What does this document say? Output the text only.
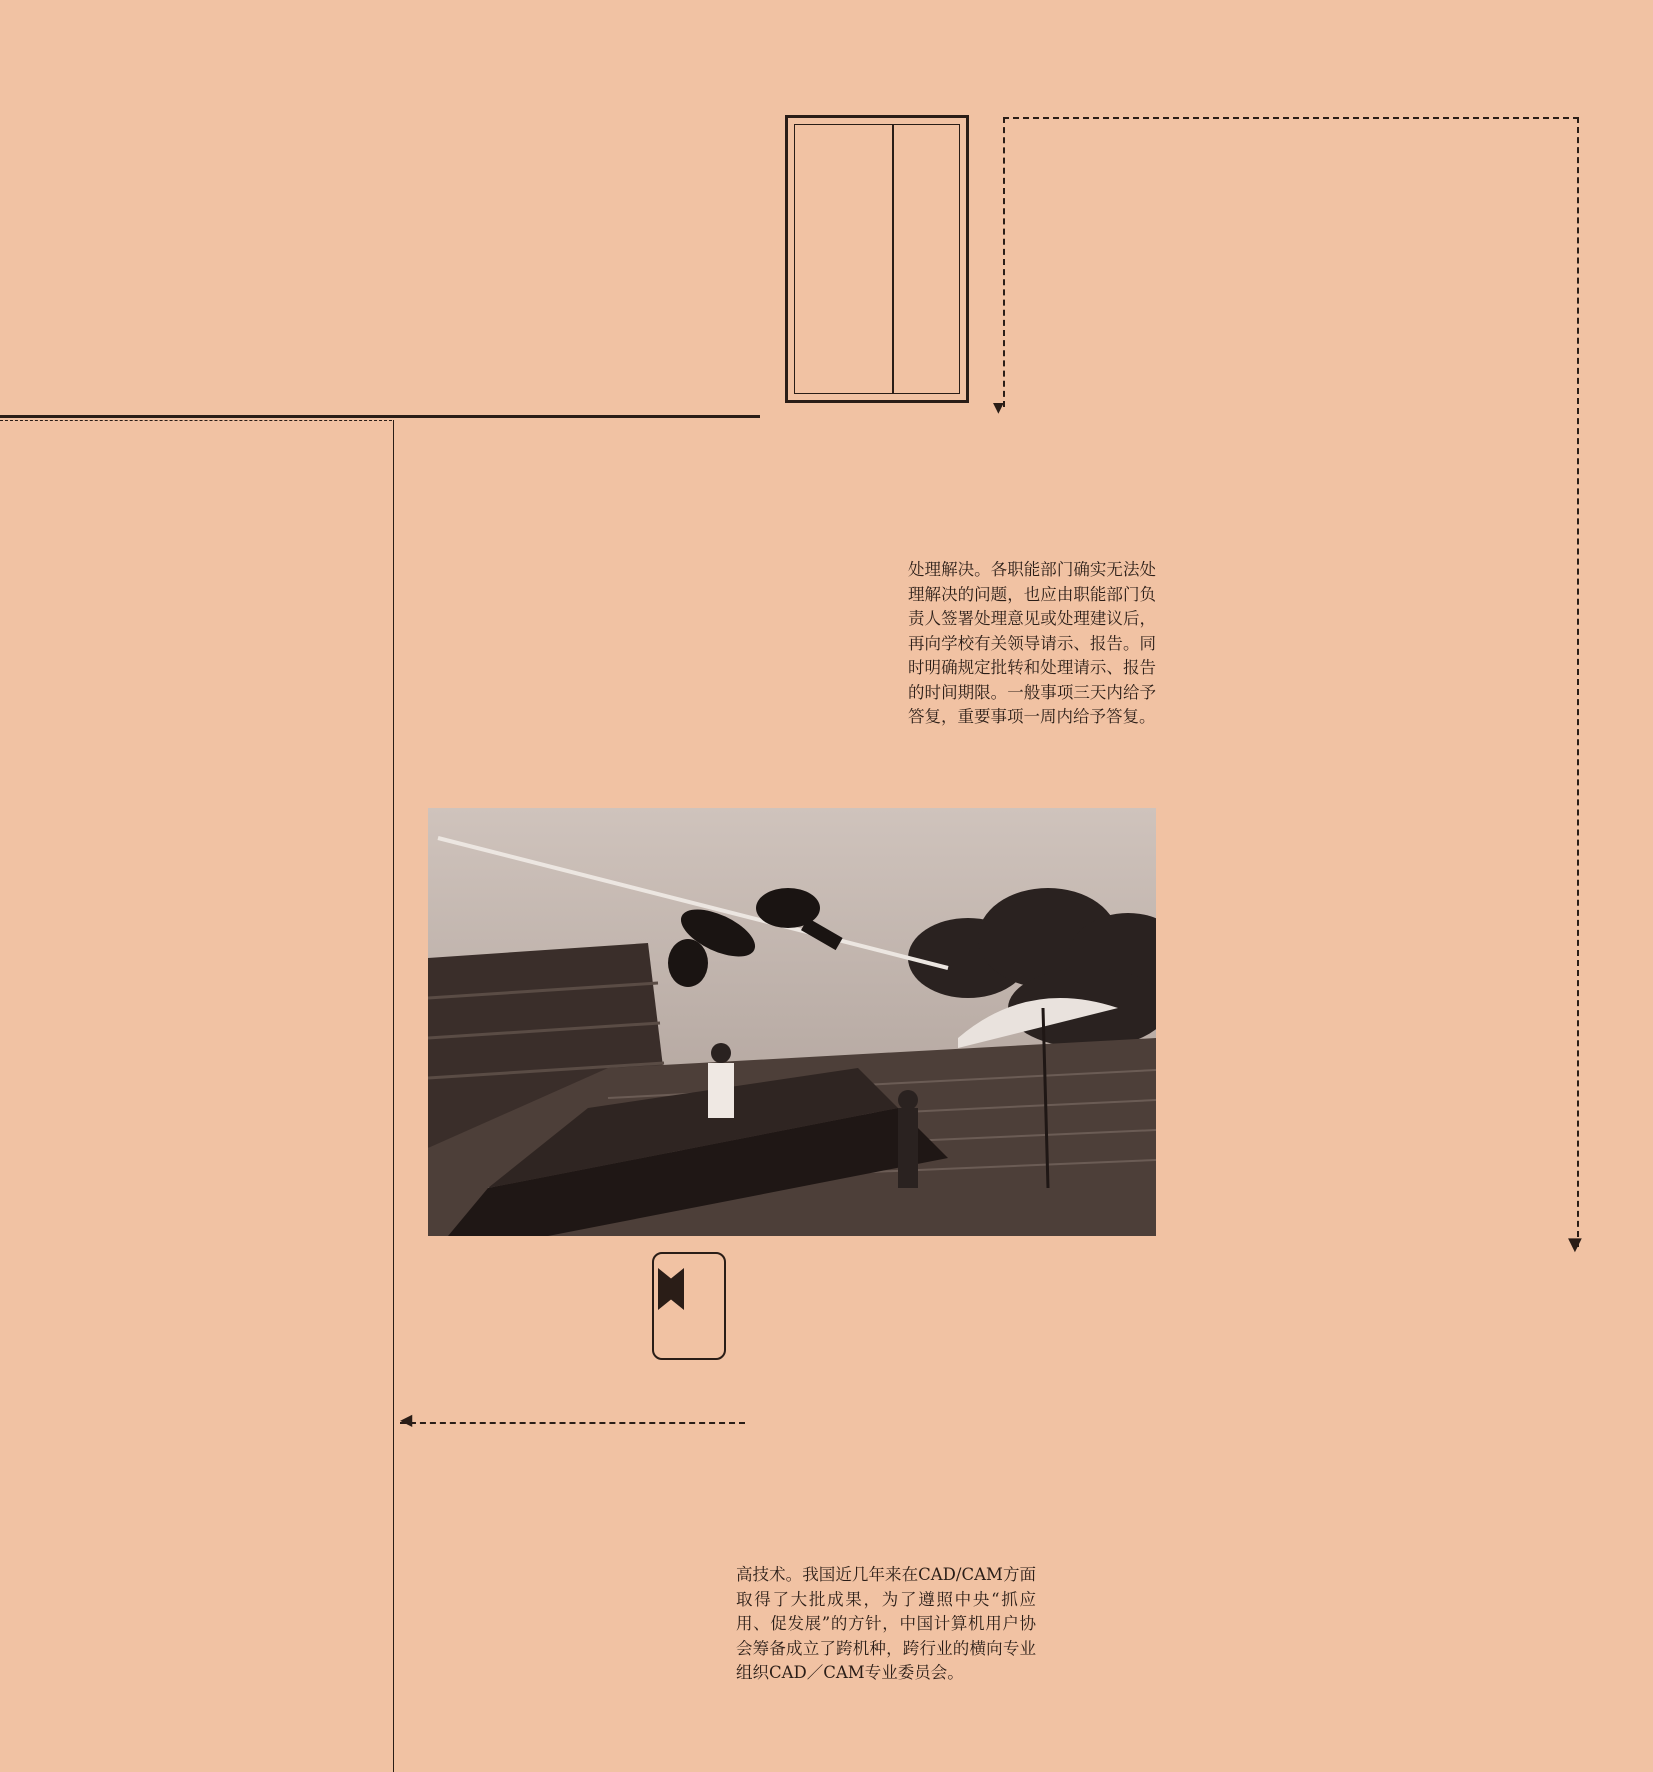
▼
▼

处理解决。各职能部门确实无法处理解决的问题，也应由职能部门负责人签署处理意见或处理建议后，再向学校有关领导请示、报告。同时明确规定批转和处理请示、报告的时间期限。一般事项三天内给予答复，重要事项一周内给予答复。

◀

高技术。我国近几年来在CAD/CAM方面取得了大批成果，为了遵照中央“抓应用、促发展”的方针，中国计算机用户协会筹备成立了跨机种，跨行业的横向专业组织CAD／CAM专业委员会。
